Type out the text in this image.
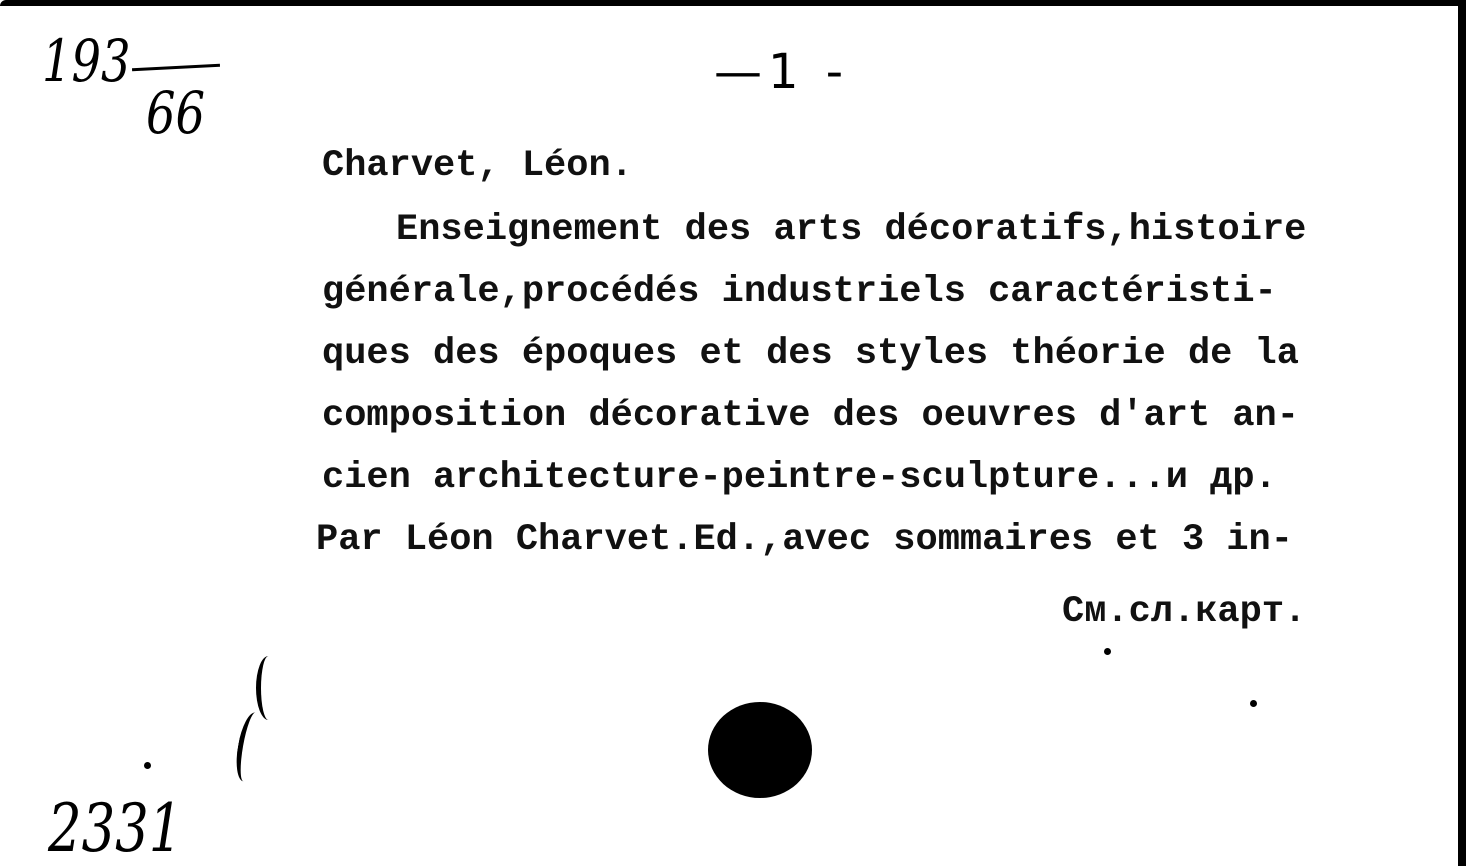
193
66
—1 -
Charvet, Léon.
Enseignement des arts décoratifs,histoire
générale,procédés industriels caractéristi-
ques des époques et des styles théorie de la
composition décorative des oeuvres d'art an-
cien architecture-peintre-sculpture...и др.
Par Léon Charvet.Ed.,avec sommaires et 3 in-
См.сл.карт.
2331
